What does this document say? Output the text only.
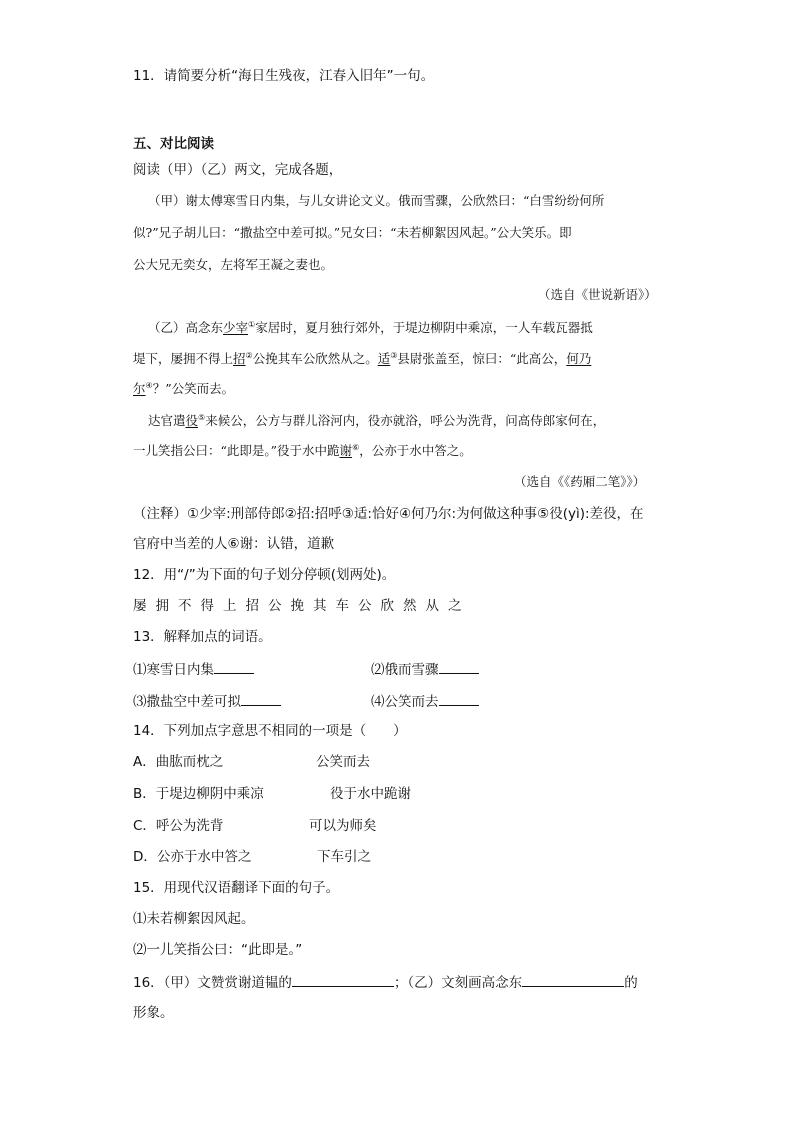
11．请简要分析“海日生残夜，江春入旧年”一句。
五、对比阅读
阅读（甲）（乙）两文，完成各题，
（甲）谢太傅寒雪日内集，与儿女讲论文义。俄而雪骤，公欣然曰：“白雪纷纷何所
似?”兄子胡儿曰：“撒盐空中差可拟。”兄女曰：“未若柳絮因风起。”公大笑乐。即
公大兄无奕女，左将军王凝之妻也。
（选自《世说新语》）
（乙）高念东少宰①家居时，夏月独行郊外，于堤边柳阴中乘凉，一人车载瓦器抵
堤下，屡拥不得上招②公挽其车公欣然从之。适③县尉张盖至，惊曰：“此高公，何乃
尔④？”公笑而去。
达官遣役⑤来候公，公方与群儿浴河内，役亦就浴，呼公为洗背，问高侍郎家何在，
一儿笑指公曰：“此即是。”役于水中跪谢⑥，公亦于水中答之。
（选自《《药厢二笔》》）
（注释）①少宰:刑部侍郎②招:招呼③适:恰好④何乃尔:为何做这种事⑤役(yì):差役，在
官府中当差的人⑥谢：认错，道歉
12．用“/”为下面的句子划分停顿(划两处)。
屡拥不得上招公挽其车公欣然从之
13．解释加点的词语。
⑴寒雪日内集	⑵俄而雪骤
⑶撒盐空中差可拟	⑷公笑而去
14．下列加点字意思不相同的一项是（　　）
A．曲肱而枕之	公笑而去
B．于堤边柳阴中乘凉	役于水中跪谢
C．呼公为洗背	可以为师矣
D．公亦于水中答之	下车引之
15．用现代汉语翻译下面的句子。
⑴未若柳絮因风起。
⑵一儿笑指公曰：“此即是。”
16．（甲）文赞赏谢道韫的	；（乙）文刻画高念东	的
形象。
